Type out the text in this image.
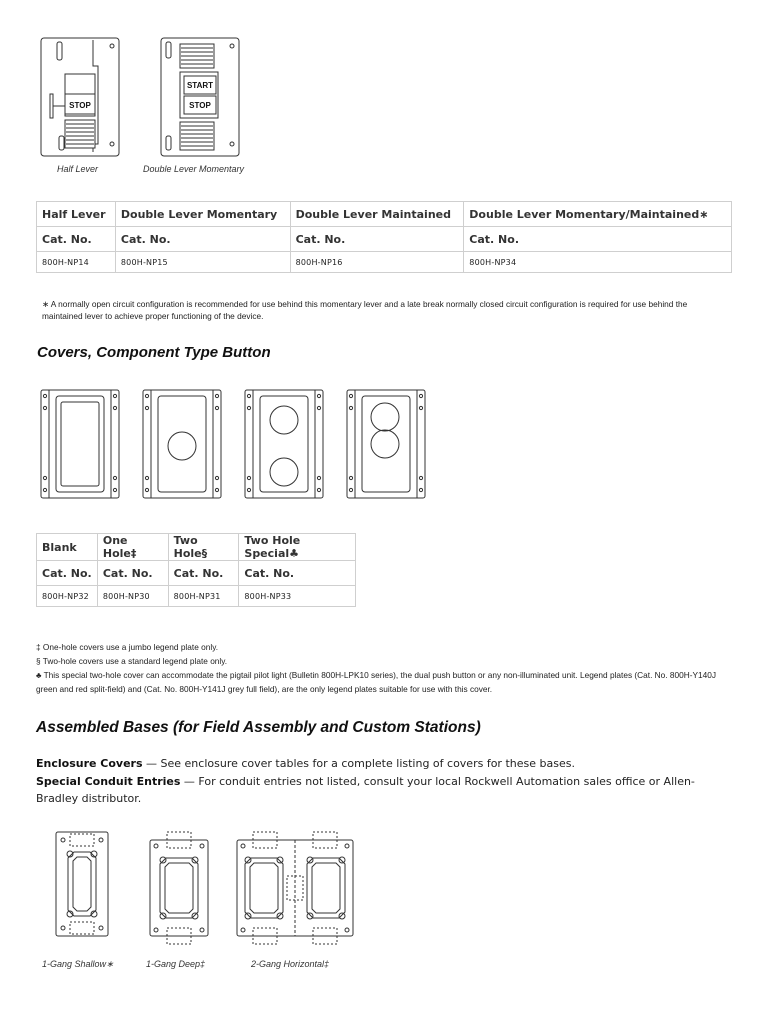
STOP
Half Lever
START
STOP
Double Lever Momentary
Half Lever	Double Lever Momentary	Double Lever Maintained	Double Lever Momentary/Maintained∗
Cat. No.	Cat. No.	Cat. No.	Cat. No.
800H-NP14	800H-NP15	800H-NP16	800H-NP34
∗ A normally open circuit configuration is recommended for use behind this momentary lever and a late break normally closed circuit configuration is required for use behind the maintained lever to achieve proper functioning of the device.
Covers, Component Type Button
Blank	One Hole‡	Two Hole§	Two Hole Special♣
Cat. No.	Cat. No.	Cat. No.	Cat. No.
800H-NP32	800H-NP30	800H-NP31	800H-NP33
‡ One-hole covers use a jumbo legend plate only.
§ Two-hole covers use a standard legend plate only.
♣ This special two-hole cover can accommodate the pigtail pilot light (Bulletin 800H-LPK10 series), the dual push button or any non-illuminated unit. Legend plates (Cat. No. 800H-Y140J green and red split-field) and (Cat. No. 800H-Y141J grey full field), are the only legend plates suitable for use with this cover.
Assembled Bases (for Field Assembly and Custom Stations)
Enclosure Covers — See enclosure cover tables for a complete listing of covers for these bases.
Special Conduit Entries — For conduit entries not listed, consult your local Rockwell Automation sales office or Allen-Bradley distributor.
1-Gang Shallow∗	1-Gang Deep‡	2-Gang Horizontal‡
